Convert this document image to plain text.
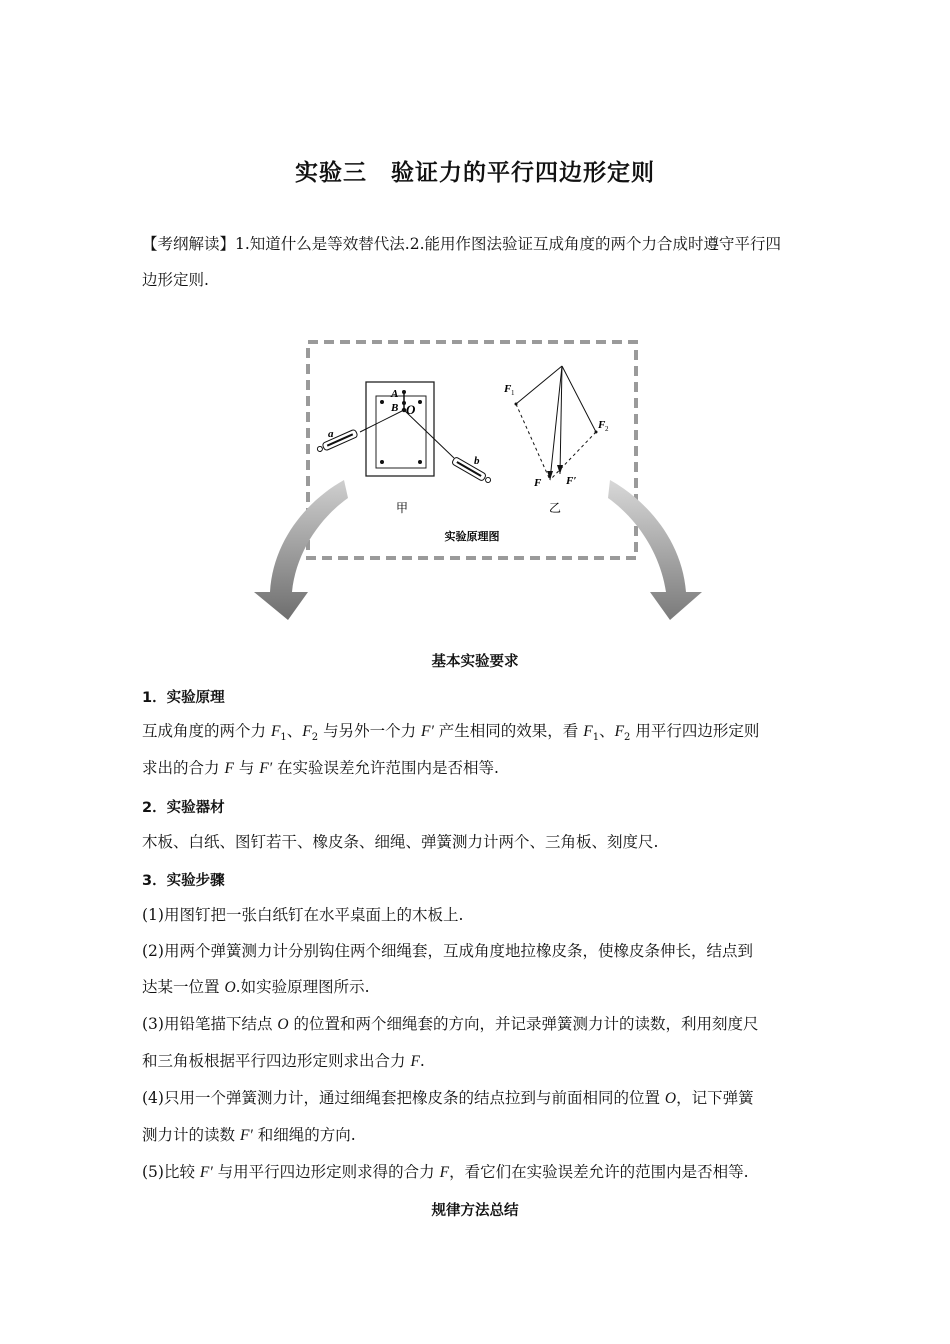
实验三　验证力的平行四边形定则
【考纲解读】1.知道什么是等效替代法.2.能用作图法验证互成角度的两个力合成时遵守平行四
边形定则.
A
B O
a
b
F 1
F 2
F F′
甲	乙
实验原理图
基本实验要求
1．实验原理
互成角度的两个力 $F_1$、$F_2$ 与另外一个力 F′ 产生相同的效果，看 $F_1$、$F_2$ 用平行四边形定则
求出的合力 F 与 F′ 在实验误差允许范围内是否相等.
2．实验器材
木板、白纸、图钉若干、橡皮条、细绳、弹簧测力计两个、三角板、刻度尺.
3．实验步骤
(1)用图钉把一张白纸钉在水平桌面上的木板上.
(2)用两个弹簧测力计分别钩住两个细绳套，互成角度地拉橡皮条，使橡皮条伸长，结点到
达某一位置 O.如实验原理图所示.
(3)用铅笔描下结点 O 的位置和两个细绳套的方向，并记录弹簧测力计的读数，利用刻度尺
和三角板根据平行四边形定则求出合力 F.
(4)只用一个弹簧测力计，通过细绳套把橡皮条的结点拉到与前面相同的位置 O，记下弹簧
测力计的读数 F′ 和细绳的方向.
(5)比较 F′ 与用平行四边形定则求得的合力 F，看它们在实验误差允许的范围内是否相等.
规律方法总结
